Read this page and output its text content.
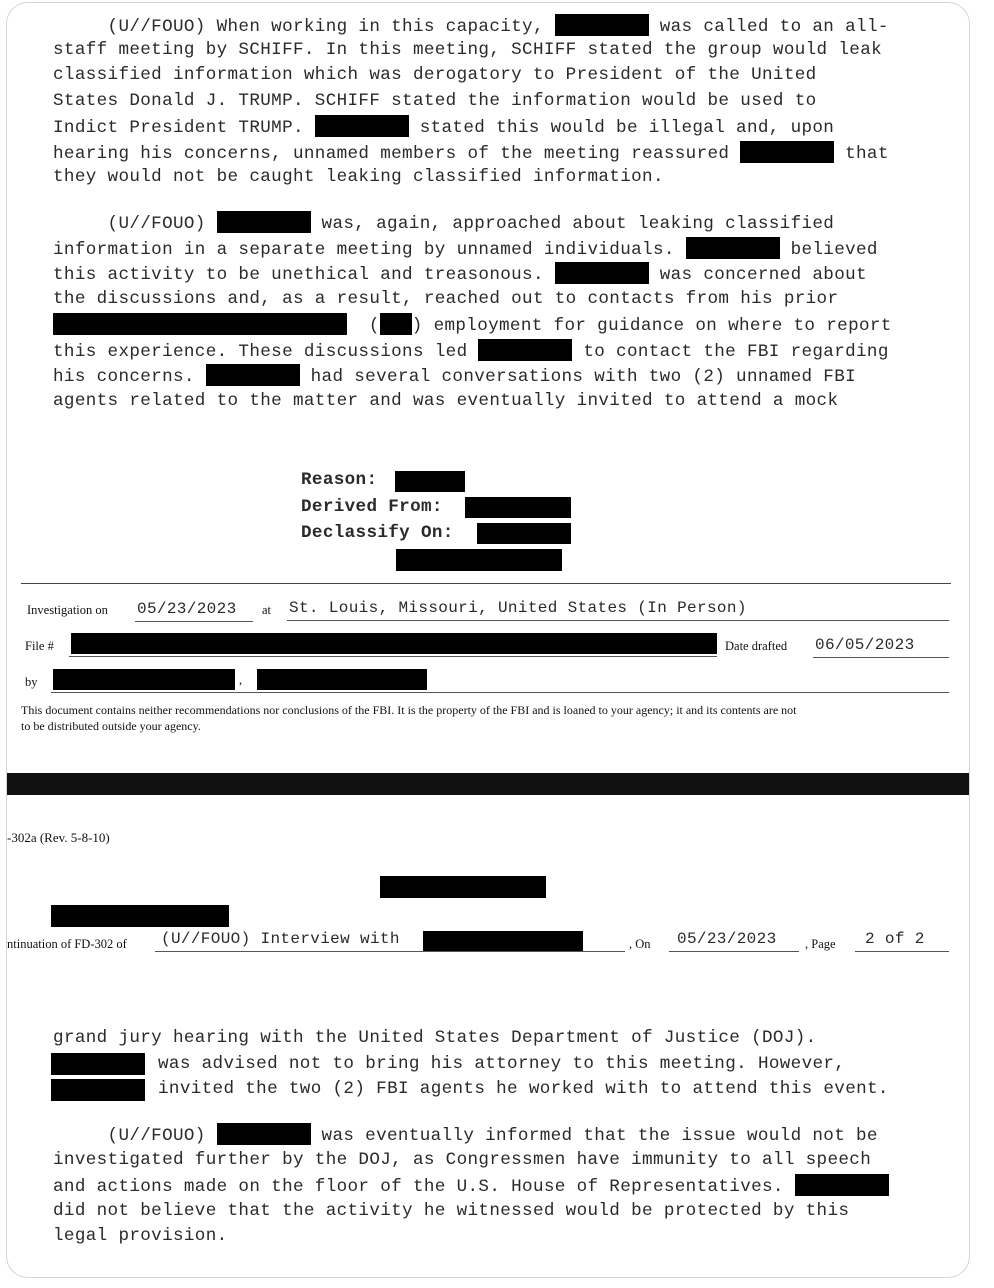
(U//FOUO) When working in this capacity,	was called to an all-
staff meeting by SCHIFF. In this meeting, SCHIFF stated the group would leak
classified information which was derogatory to President of the United
States Donald J. TRUMP. SCHIFF stated the information would be used to
Indict President TRUMP.	stated this would be illegal and, upon
hearing his concerns, unnamed members of the meeting reassured	that
they would not be caught leaking classified information.
(U//FOUO)	was, again, approached about leaking classified
information in a separate meeting by unnamed individuals.	believed
this activity to be unethical and treasonous.	was concerned about
the discussions and, as a result, reached out to contacts from his prior
( ) employment for guidance on where to report
this experience. These discussions led	to contact the FBI regarding
his concerns.	had several conversations with two (2) unnamed FBI
agents related to the matter and was eventually invited to attend a mock
Reason:
Derived From:
Declassify On:
Investigation on 05/23/2023 at St. Louis, Missouri, United States (In Person)
File #	Date drafted 06/05/2023
by	,
This document contains neither recommendations nor conclusions of the FBI. It is the property of the FBI and is loaned to your agency; it and its contents are not
to be distributed outside your agency.
-302a (Rev. 5-8-10)
ntinuation of FD-302 of (U//FOUO) Interview with	, On 05/23/2023 , Page 2 of 2
grand jury hearing with the United States Department of Justice (DOJ).
was advised not to bring his attorney to this meeting. However,
invited the two (2) FBI agents he worked with to attend this event.
(U//FOUO)	was eventually informed that the issue would not be
investigated further by the DOJ, as Congressmen have immunity to all speech
and actions made on the floor of the U.S. House of Representatives.
did not believe that the activity he witnessed would be protected by this
legal provision.
